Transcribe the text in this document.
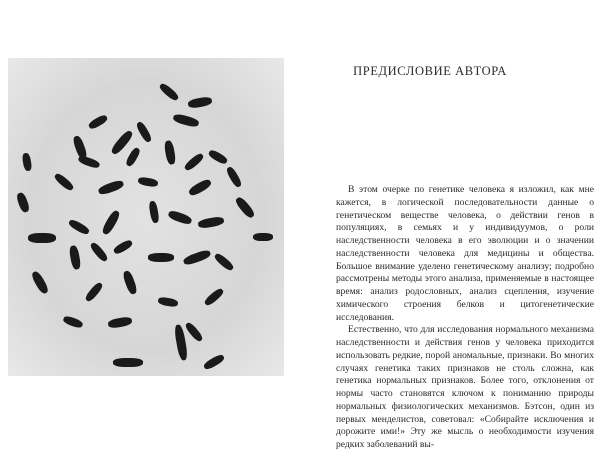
ПРЕДИСЛОВИЕ АВТОРА

В этом очерке по генетике человека я изложил, как мне кажется, в логической последовательности данные о генетическом веществе человека, о действии генов в популяциях, в семьях и у индивидуумов, о роли наследственности человека в его эволюции и о значении наследственности человека для медицины и общества. Большое внимание уделено генетическому анализу; подробно рассмотрены методы этого анализа, применяемые в настоящее время: анализ родословных, анализ сцепления, изучение химического строения белков и цитогенетические исследования.

Естественно, что для исследования нормального механизма наследственности и действия генов у человека приходится использовать редкие, порой аномальные, признаки. Во многих случаях генетика таких признаков не столь сложна, как генетика нормальных признаков. Более того, отклонения от нормы часто становятся ключом к пониманию природы нормальных физиологических механизмов. Бэтсон, один из первых менделистов, советовал: «Собирайте исключения и дорожите ими!» Эту же мысль о необходимости изучения редких заболеваний вы-
